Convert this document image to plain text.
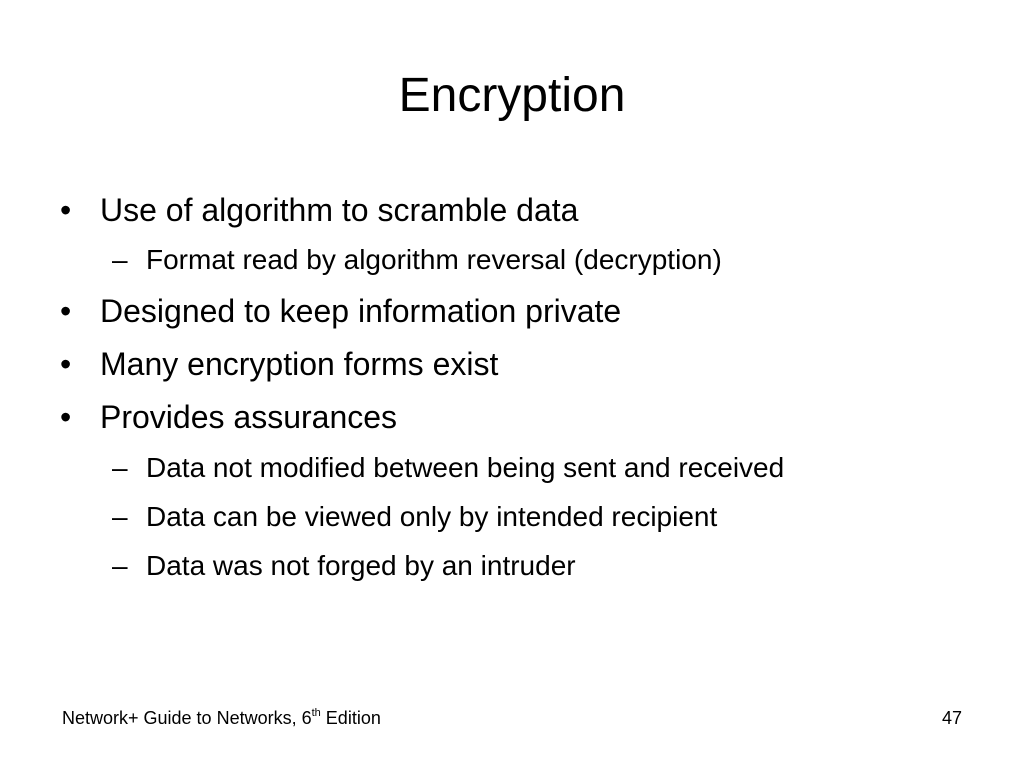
Encryption
• Use of algorithm to scramble data
– Format read by algorithm reversal (decryption)
• Designed to keep information private
• Many encryption forms exist
• Provides assurances
– Data not modified between being sent and received
– Data can be viewed only by intended recipient
– Data was not forged by an intruder
Network+ Guide to Networks, 6th Edition	47
